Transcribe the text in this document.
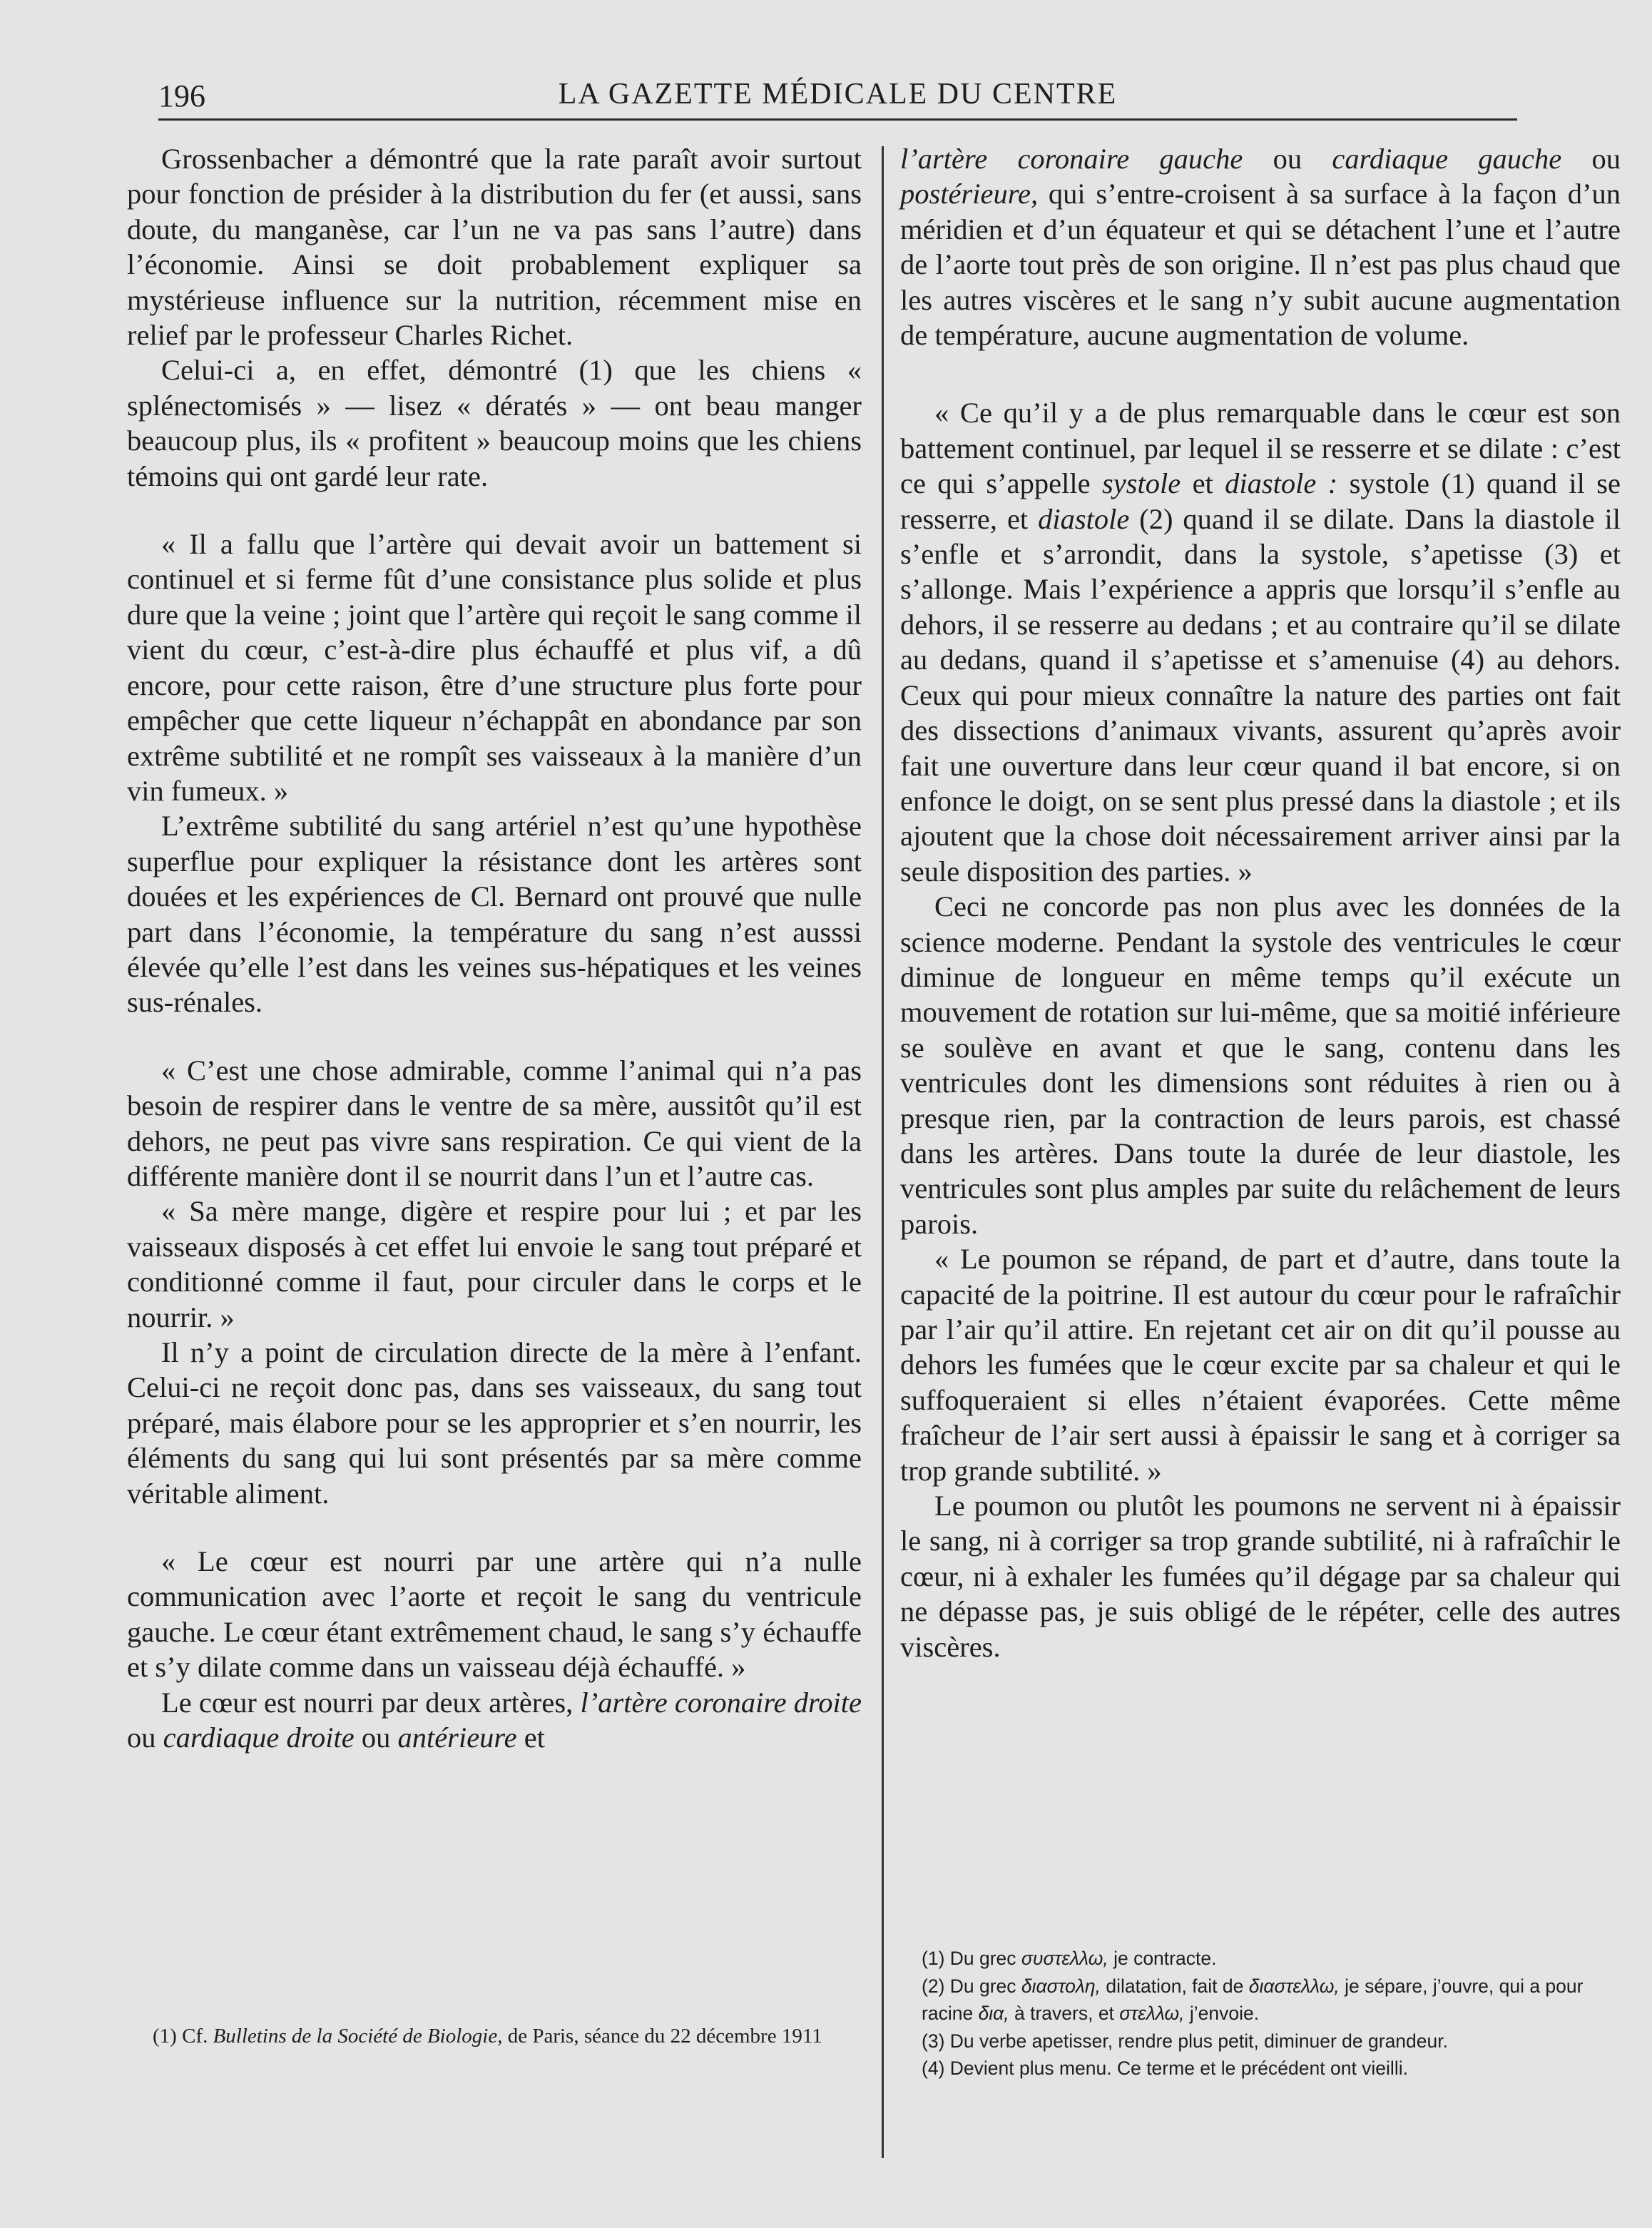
196	LA GAZETTE MÉDICALE DU CENTRE

Grossenbacher a démontré que la rate paraît avoir surtout pour fonction de présider à la distribution du fer (et aussi, sans doute, du manganèse, car l’un ne va pas sans l’autre) dans l’économie. Ainsi se doit probablement expliquer sa mystérieuse influence sur la nutrition, récemment mise en relief par le professeur Charles Richet.

Celui-ci a, en effet, démontré (1) que les chiens « splénectomisés » — lisez « dératés » — ont beau manger beaucoup plus, ils « profitent » beaucoup moins que les chiens témoins qui ont gardé leur rate.

« Il a fallu que l’artère qui devait avoir un battement si continuel et si ferme fût d’une consistance plus solide et plus dure que la veine ; joint que l’artère qui reçoit le sang comme il vient du cœur, c’est-à-dire plus échauffé et plus vif, a dû encore, pour cette raison, être d’une structure plus forte pour empêcher que cette liqueur n’échappât en abondance par son extrême subtilité et ne rompît ses vaisseaux à la manière d’un vin fumeux. »

L’extrême subtilité du sang artériel n’est qu’une hypothèse superflue pour expliquer la résistance dont les artères sont douées et les expériences de Cl. Bernard ont prouvé que nulle part dans l’économie, la température du sang n’est ausssi élevée qu’elle l’est dans les veines sus-hépatiques et les veines sus-rénales.

« C’est une chose admirable, comme l’animal qui n’a pas besoin de respirer dans le ventre de sa mère, aussitôt qu’il est dehors, ne peut pas vivre sans respiration. Ce qui vient de la différente manière dont il se nourrit dans l’un et l’autre cas.

« Sa mère mange, digère et respire pour lui ; et par les vaisseaux disposés à cet effet lui envoie le sang tout préparé et conditionné comme il faut, pour circuler dans le corps et le nourrir. »

Il n’y a point de circulation directe de la mère à l’enfant. Celui-ci ne reçoit donc pas, dans ses vaisseaux, du sang tout préparé, mais élabore pour se les approprier et s’en nourrir, les éléments du sang qui lui sont présentés par sa mère comme véritable aliment.

« Le cœur est nourri par une artère qui n’a nulle communication avec l’aorte et reçoit le sang du ventricule gauche. Le cœur étant extrêmement chaud, le sang s’y échauffe et s’y dilate comme dans un vaisseau déjà échauffé. »

Le cœur est nourri par deux artères, l’artère coronaire droite ou cardiaque droite ou antérieure et

l’artère coronaire gauche ou cardiaque gauche ou postérieure, qui s’entre-croisent à sa surface à la façon d’un méridien et d’un équateur et qui se détachent l’une et l’autre de l’aorte tout près de son origine. Il n’est pas plus chaud que les autres viscères et le sang n’y subit aucune augmentation de température, aucune augmentation de volume.

« Ce qu’il y a de plus remarquable dans le cœur est son battement continuel, par lequel il se resserre et se dilate : c’est ce qui s’appelle systole et diastole : systole (1) quand il se resserre, et diastole (2) quand il se dilate. Dans la diastole il s’enfle et s’arrondit, dans la systole, s’apetisse (3) et s’allonge. Mais l’expérience a appris que lorsqu’il s’enfle au dehors, il se resserre au dedans ; et au contraire qu’il se dilate au dedans, quand il s’apetisse et s’amenuise (4) au dehors. Ceux qui pour mieux connaître la nature des parties ont fait des dissections d’animaux vivants, assurent qu’après avoir fait une ouverture dans leur cœur quand il bat encore, si on enfonce le doigt, on se sent plus pressé dans la diastole ; et ils ajoutent que la chose doit nécessairement arriver ainsi par la seule disposition des parties. »

Ceci ne concorde pas non plus avec les données de la science moderne. Pendant la systole des ventricules le cœur diminue de longueur en même temps qu’il exécute un mouvement de rotation sur lui-même, que sa moitié inférieure se soulève en avant et que le sang, contenu dans les ventricules dont les dimensions sont réduites à rien ou à presque rien, par la contraction de leurs parois, est chassé dans les artères. Dans toute la durée de leur diastole, les ventricules sont plus amples par suite du relâchement de leurs parois.

« Le poumon se répand, de part et d’autre, dans toute la capacité de la poitrine. Il est autour du cœur pour le rafraîchir par l’air qu’il attire. En rejetant cet air on dit qu’il pousse au dehors les fumées que le cœur excite par sa chaleur et qui le suffoqueraient si elles n’étaient évaporées. Cette même fraîcheur de l’air sert aussi à épaissir le sang et à corriger sa trop grande subtilité. »

Le poumon ou plutôt les poumons ne servent ni à épaissir le sang, ni à corriger sa trop grande subtilité, ni à rafraîchir le cœur, ni à exhaler les fumées qu’il dégage par sa chaleur qui ne dépasse pas, je suis obligé de le répéter, celle des autres viscères.

(1) Cf. Bulletins de la Société de Biologie, de Paris, séance du 22 décembre 1911

(1) Du grec συστελλω, je contracte.

(2) Du grec διαστολη, dilatation, fait de διαστελλω, je sépare, j’ouvre, qui a pour racine δια, à travers, et στελλω, j’envoie.

(3) Du verbe apetisser, rendre plus petit, diminuer de grandeur.

(4) Devient plus menu. Ce terme et le précédent ont vieilli.
